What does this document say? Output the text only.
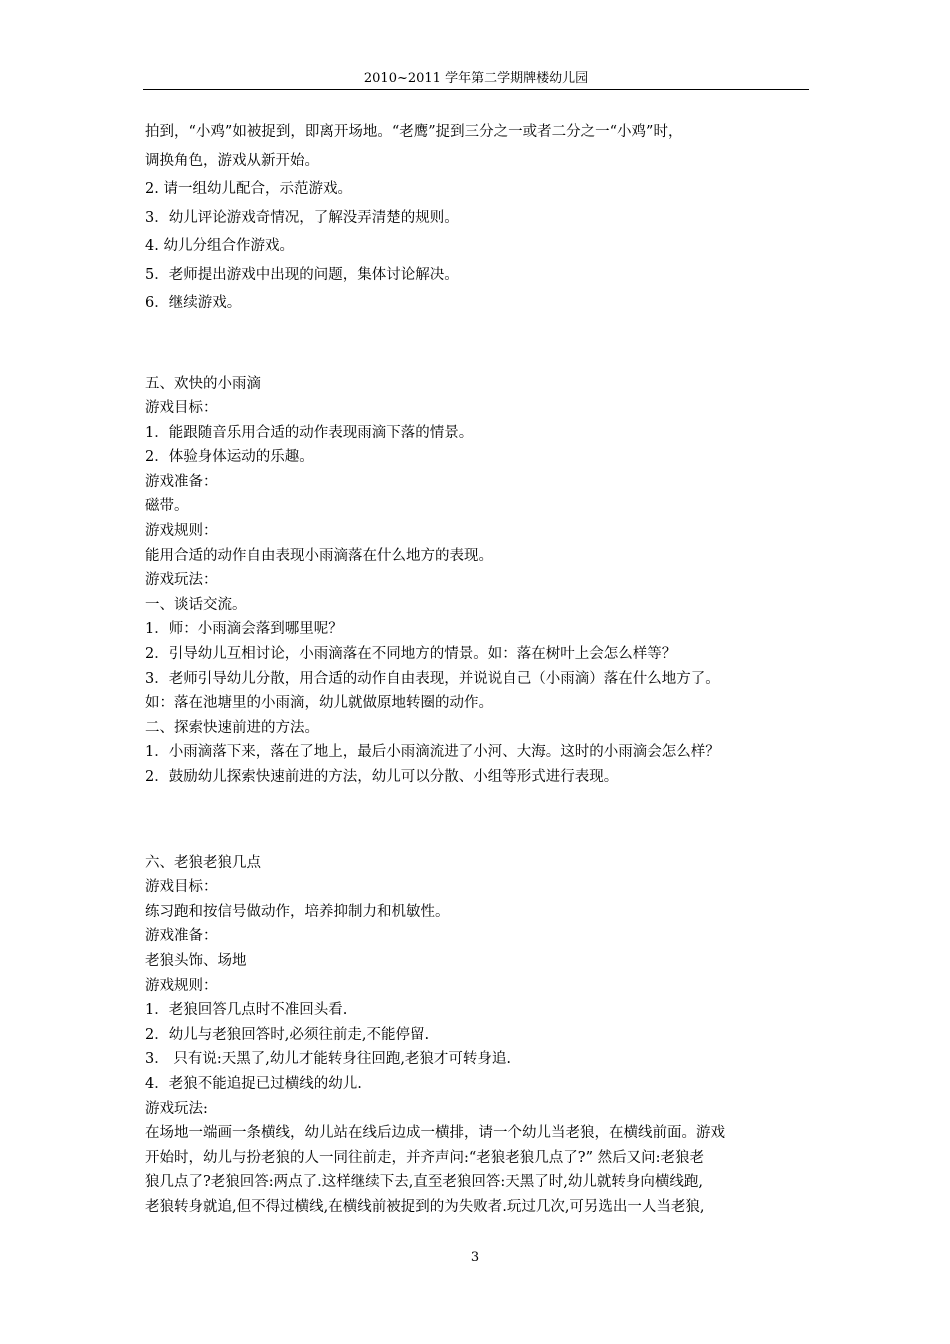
2010~2011 学年第二学期牌楼幼儿园

拍到，“小鸡”如被捉到，即离开场地。“老鹰”捉到三分之一或者二分之一“小鸡”时，

调换角色，游戏从新开始。

2. 请一组幼儿配合，示范游戏。

3．幼儿评论游戏奇情况，了解没弄清楚的规则。

4. 幼儿分组合作游戏。

5．老师提出游戏中出现的问题，集体讨论解决。

6．继续游戏。

五、欢快的小雨滴

游戏目标：

1．能跟随音乐用合适的动作表现雨滴下落的情景。

2．体验身体运动的乐趣。

游戏准备：

磁带。

游戏规则：

能用合适的动作自由表现小雨滴落在什么地方的表现。

游戏玩法：

一、谈话交流。

1．师：小雨滴会落到哪里呢？

2．引导幼儿互相讨论，小雨滴落在不同地方的情景。如：落在树叶上会怎么样等？

3．老师引导幼儿分散，用合适的动作自由表现，并说说自己（小雨滴）落在什么地方了。

如：落在池塘里的小雨滴，幼儿就做原地转圈的动作。

二、探索快速前进的方法。

1．小雨滴落下来，落在了地上，最后小雨滴流进了小河、大海。这时的小雨滴会怎么样？

2．鼓励幼儿探索快速前进的方法，幼儿可以分散、小组等形式进行表现。

六、老狼老狼几点

游戏目标：

练习跑和按信号做动作，培养抑制力和机敏性。

游戏准备：

老狼头饰、场地

游戏规则：

1．老狼回答几点时不准回头看.

2．幼儿与老狼回答时,必须往前走,不能停留.

3． 只有说:天黑了,幼儿才能转身往回跑,老狼才可转身追.

4．老狼不能追捉已过横线的幼儿.

游戏玩法:

在场地一端画一条横线，幼儿站在线后边成一横排，请一个幼儿当老狼，在横线前面。游戏

开始时，幼儿与扮老狼的人一同往前走，并齐声问:“老狼老狼几点了?” 然后又问:老狼老

狼几点了?老狼回答:两点了.这样继续下去,直至老狼回答:天黑了时,幼儿就转身向横线跑,

老狼转身就追,但不得过横线,在横线前被捉到的为失败者.玩过几次,可另选出一人当老狼,

3
